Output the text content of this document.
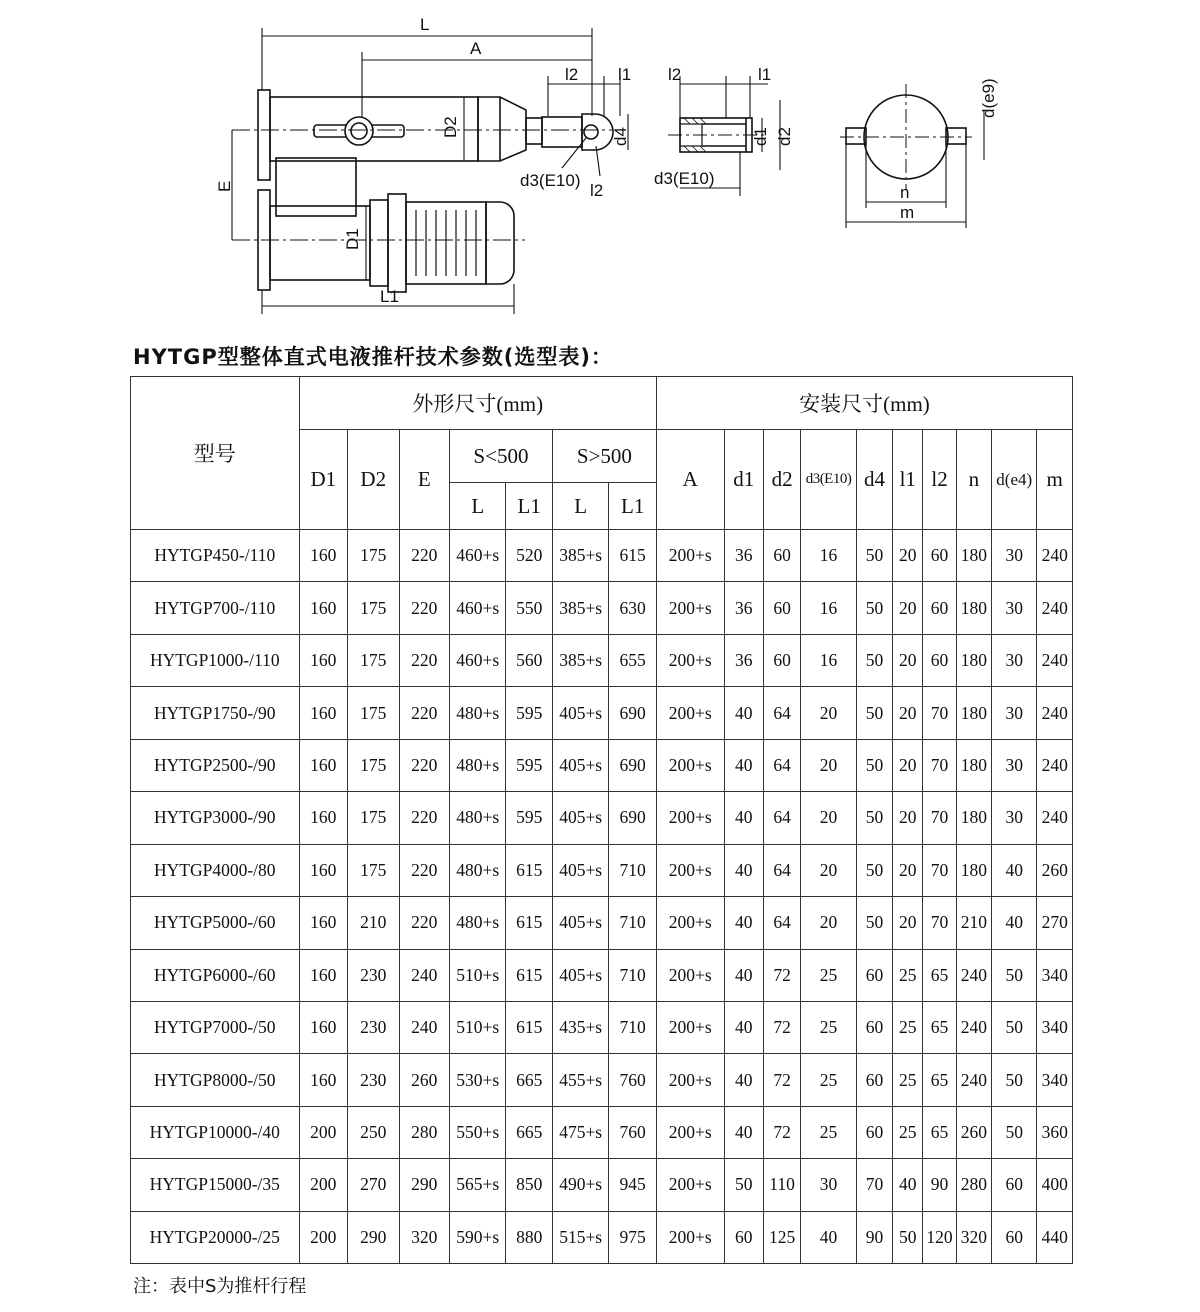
L
A
l2 l1
D2	d4
d3(E10)
l2
E
D1
L1
l2	l1
d1 d2
d3(E10)
d(e9)
n
m
HYTGP型整体直式电液推杆技术参数(选型表)：
型号	外形尺寸(mm)							安装尺寸(mm)									
	D1	D2	E	S<500		S>500		A	d1	d2	d3(E10)	d4	l1	l2	n	d(e4)	m
				L	L1	L	L1										
HYTGP450-/110	160	175	220	460+s	520	385+s	615	200+s	36	60	16	50	20	60	180	30	240
HYTGP700-/110	160	175	220	460+s	550	385+s	630	200+s	36	60	16	50	20	60	180	30	240
HYTGP1000-/110	160	175	220	460+s	560	385+s	655	200+s	36	60	16	50	20	60	180	30	240
HYTGP1750-/90	160	175	220	480+s	595	405+s	690	200+s	40	64	20	50	20	70	180	30	240
HYTGP2500-/90	160	175	220	480+s	595	405+s	690	200+s	40	64	20	50	20	70	180	30	240
HYTGP3000-/90	160	175	220	480+s	595	405+s	690	200+s	40	64	20	50	20	70	180	30	240
HYTGP4000-/80	160	175	220	480+s	615	405+s	710	200+s	40	64	20	50	20	70	180	40	260
HYTGP5000-/60	160	210	220	480+s	615	405+s	710	200+s	40	64	20	50	20	70	210	40	270
HYTGP6000-/60	160	230	240	510+s	615	405+s	710	200+s	40	72	25	60	25	65	240	50	340
HYTGP7000-/50	160	230	240	510+s	615	435+s	710	200+s	40	72	25	60	25	65	240	50	340
HYTGP8000-/50	160	230	260	530+s	665	455+s	760	200+s	40	72	25	60	25	65	240	50	340
HYTGP10000-/40	200	250	280	550+s	665	475+s	760	200+s	40	72	25	60	25	65	260	50	360
HYTGP15000-/35	200	270	290	565+s	850	490+s	945	200+s	50	110	30	70	40	90	280	60	400
HYTGP20000-/25	200	290	320	590+s	880	515+s	975	200+s	60	125	40	90	50	120	320	60	440
注：表中S为推杆行程
